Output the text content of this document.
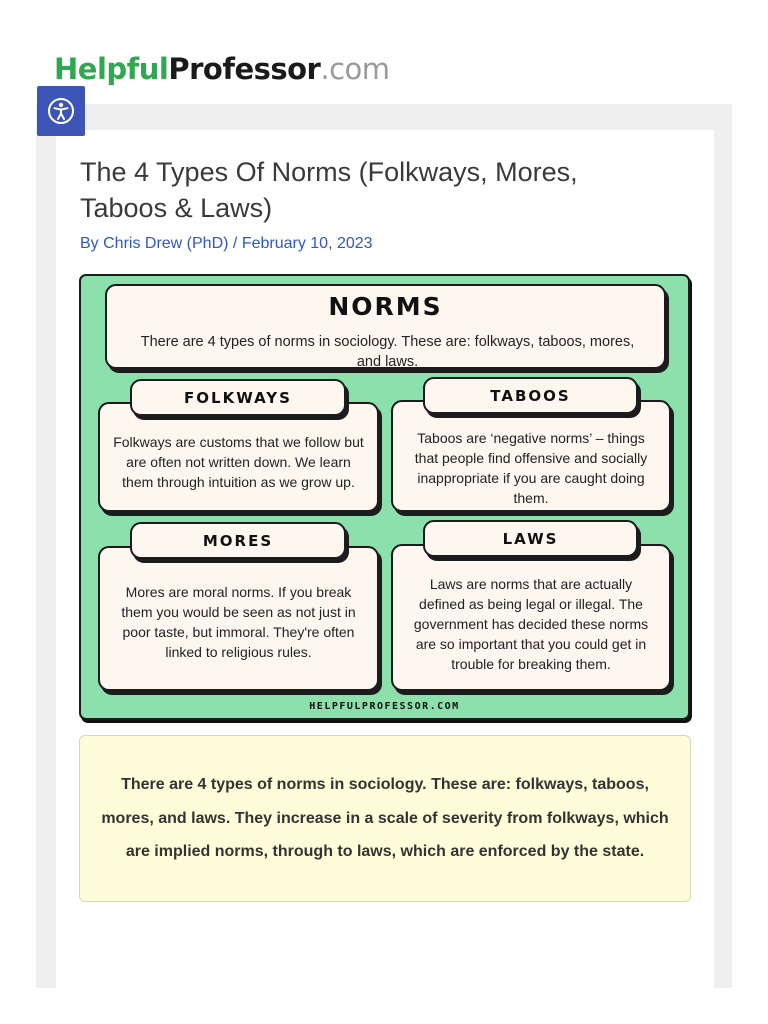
HelpfulProfessor.com
The 4 Types Of Norms (Folkways, Mores, Taboos & Laws)
By Chris Drew (PhD) / February 10, 2023
NORMS
There are 4 types of norms in sociology. These are: folkways, taboos, mores, and laws.
Folkways are customs that we follow but are often not written down. We learn them through intuition as we grow up.
FOLKWAYS
Taboos are ‘negative norms’ – things that people find offensive and socially inappropriate if you are caught doing them.
TABOOS
Mores are moral norms. If you break them you would be seen as not just in poor taste, but immoral. They're often linked to religious rules.
MORES
Laws are norms that are actually defined as being legal or illegal. The government has decided these norms are so important that you could get in trouble for breaking them.
LAWS
HELPFULPROFESSOR.COM

There are 4 types of norms in sociology. These are: folkways, taboos, mores, and laws. They increase in a scale of severity from folkways, which are implied norms, through to laws, which are enforced by the state.
